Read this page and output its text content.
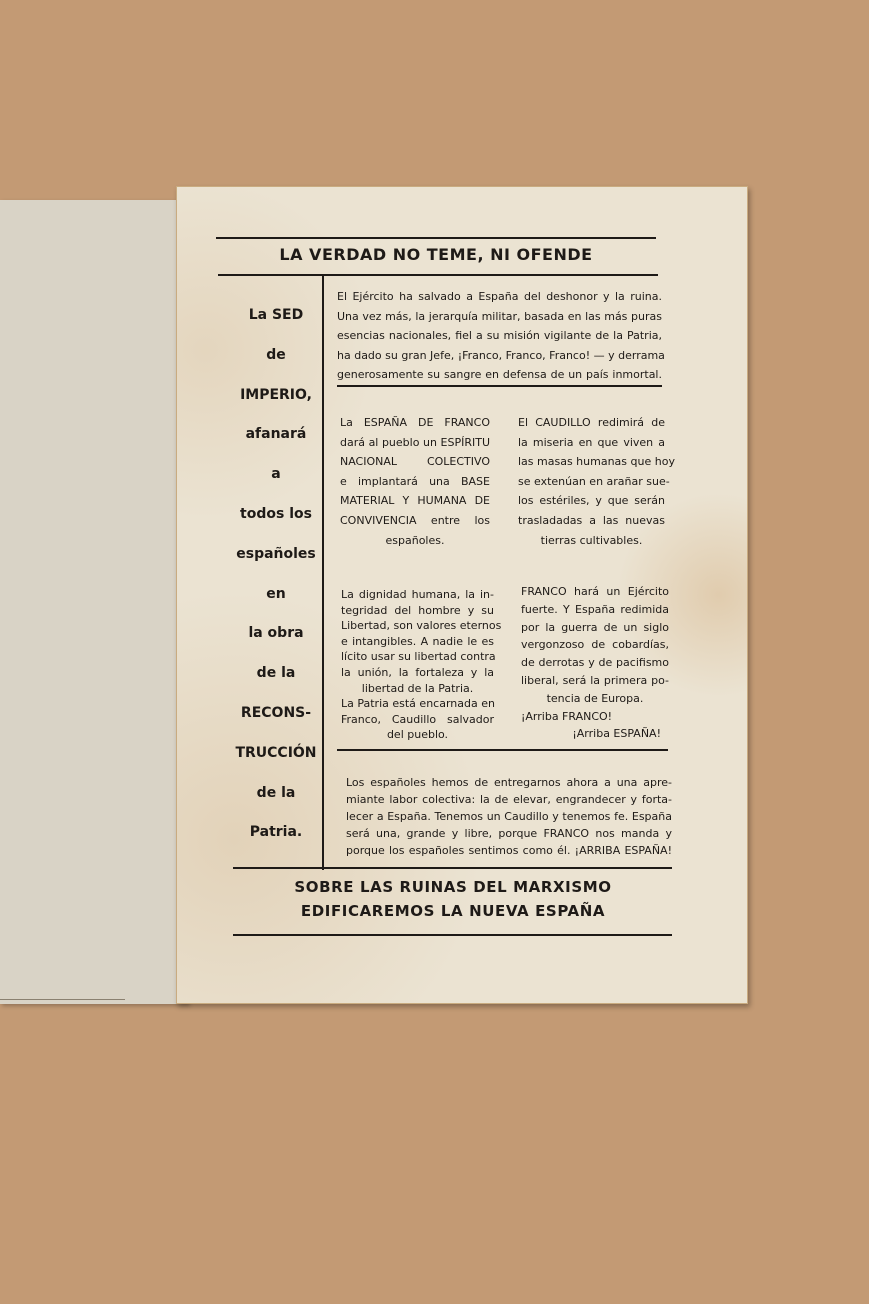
LA VERDAD NO TEME, NI OFENDE
La SED
de
IMPERIO,
afanará
a
todos los
españoles
en
la obra
de la
RECONS-
TRUCCIÓN
de la
Patria.
El Ejército ha salvado a España del deshonor y la ruina.
Una vez más, la jerarquía militar, basada en las más puras
esencias nacionales, fiel a su misión vigilante de la Patria,
ha dado su gran Jefe, ¡Franco, Franco, Franco! — y derrama
generosamente su sangre en defensa de un país inmortal.
La ESPAÑA DE FRANCO
dará al pueblo un ESPÍRITU
NACIONAL COLECTIVO
e implantará una BASE
MATERIAL Y HUMANA DE
CONVIVENCIA entre los
españoles.
El CAUDILLO redimirá de
la miseria en que viven a
las masas humanas que hoy
se extenúan en arañar sue-
los estériles, y que serán
trasladadas a las nuevas
tierras cultivables.
La dignidad humana, la in-
tegridad del hombre y su
Libertad, son valores eternos
e intangibles. A nadie le es
lícito usar su libertad contra
la unión, la fortaleza y la
libertad de la Patria.
La Patria está encarnada en
Franco, Caudillo salvador
del pueblo.
FRANCO hará un Ejército
fuerte. Y España redimida
por la guerra de un siglo
vergonzoso de cobardías,
de derrotas y de pacifismo
liberal, será la primera po-
tencia de Europa.
¡Arriba FRANCO!
¡Arriba ESPAÑA!
Los españoles hemos de entregarnos ahora a una apre-
miante labor colectiva: la de elevar, engrandecer y forta-
lecer a España. Tenemos un Caudillo y tenemos fe. España
será una, grande y libre, porque FRANCO nos manda y
porque los españoles sentimos como él. ¡ARRIBA ESPAÑA!
SOBRE LAS RUINAS DEL MARXISMO
EDIFICAREMOS LA NUEVA ESPAÑA
